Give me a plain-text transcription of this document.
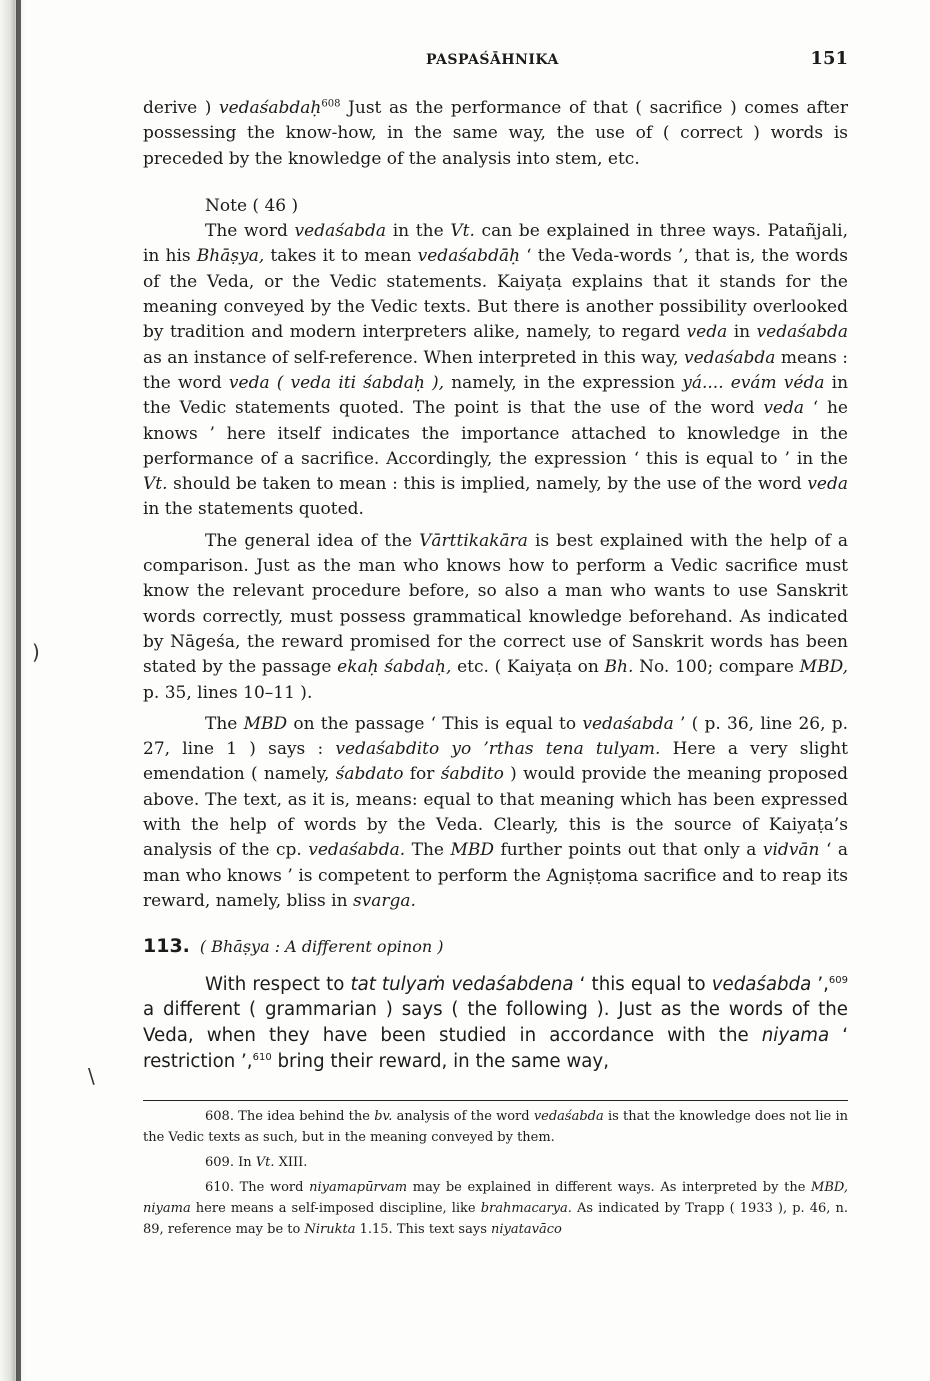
PASPAŚĀHNIKA	151

derive ) vedaśabdaḥ$^{608}$ Just as the performance of that ( sacrifice ) comes after possessing the know-how, in the same way, the use of ( correct ) words is preceded by the knowledge of the analysis into stem, etc.

Note ( 46 )

The word vedaśabda in the Vt. can be explained in three ways. Patañjali, in his Bhāṣya, takes it to mean vedaśabdāḥ ‘ the Veda-words ’, that is, the words of the Veda, or the Vedic statements. Kaiyaṭa explains that it stands for the meaning conveyed by the Vedic texts. But there is another possibility overlooked by tradition and modern interpreters alike, namely, to regard veda in vedaśabda as an instance of self-reference. When interpreted in this way, vedaśabda means : the word veda ( veda iti śabdaḥ ), namely, in the expression yá.... evám véda in the Vedic statements quoted. The point is that the use of the word veda ‘ he knows ’ here itself indicates the importance attached to knowledge in the performance of a sacrifice. Accordingly, the expression ‘ this is equal to ’ in the Vt. should be taken to mean : this is implied, namely, by the use of the word veda in the statements quoted.

The general idea of the Vārttikakāra is best explained with the help of a comparison. Just as the man who knows how to perform a Vedic sacrifice must know the relevant procedure before, so also a man who wants to use Sanskrit words correctly, must possess grammatical knowledge beforehand. As indicated by Nāgeśa, the reward promised for the correct use of Sanskrit words has been stated by the passage ekaḥ śabdaḥ, etc. ( Kaiyaṭa on Bh. No. 100; compare MBD, p. 35, lines 10–11 ).

The MBD on the passage ‘ This is equal to vedaśabda ’ ( p. 36, line 26, p. 27, line 1 ) says : vedaśabdito yo ’rthas tena tulyam. Here a very slight emendation ( namely, śabdato for śabdito ) would provide the meaning proposed above. The text, as it is, means: equal to that meaning which has been expressed with the help of words by the Veda. Clearly, this is the source of Kaiyaṭa’s analysis of the cp. vedaśabda. The MBD further points out that only a vidvān ‘ a man who knows ’ is competent to perform the Agniṣṭoma sacrifice and to reap its reward, namely, bliss in svarga.

113. ( Bhāṣya : A different opinon )

With respect to tat tulyaṁ vedaśabdena ‘ this equal to vedaśabda ’,$^{609}$ a different ( grammarian ) says ( the following ). Just as the words of the Veda, when they have been studied in accordance with the niyama ‘ restriction ’,$^{610}$ bring their reward, in the same way,

608. The idea behind the bv. analysis of the word vedaśabda is that the knowledge does not lie in the Vedic texts as such, but in the meaning conveyed by them.

609. In Vt. XIII.

610. The word niyamapūrvam may be explained in different ways. As interpreted by the MBD, niyama here means a self-imposed discipline, like brahmacarya. As indicated by Trapp ( 1933 ), p. 46, n. 89, reference may be to Nirukta 1.15. This text says niyatavāco

)
\
